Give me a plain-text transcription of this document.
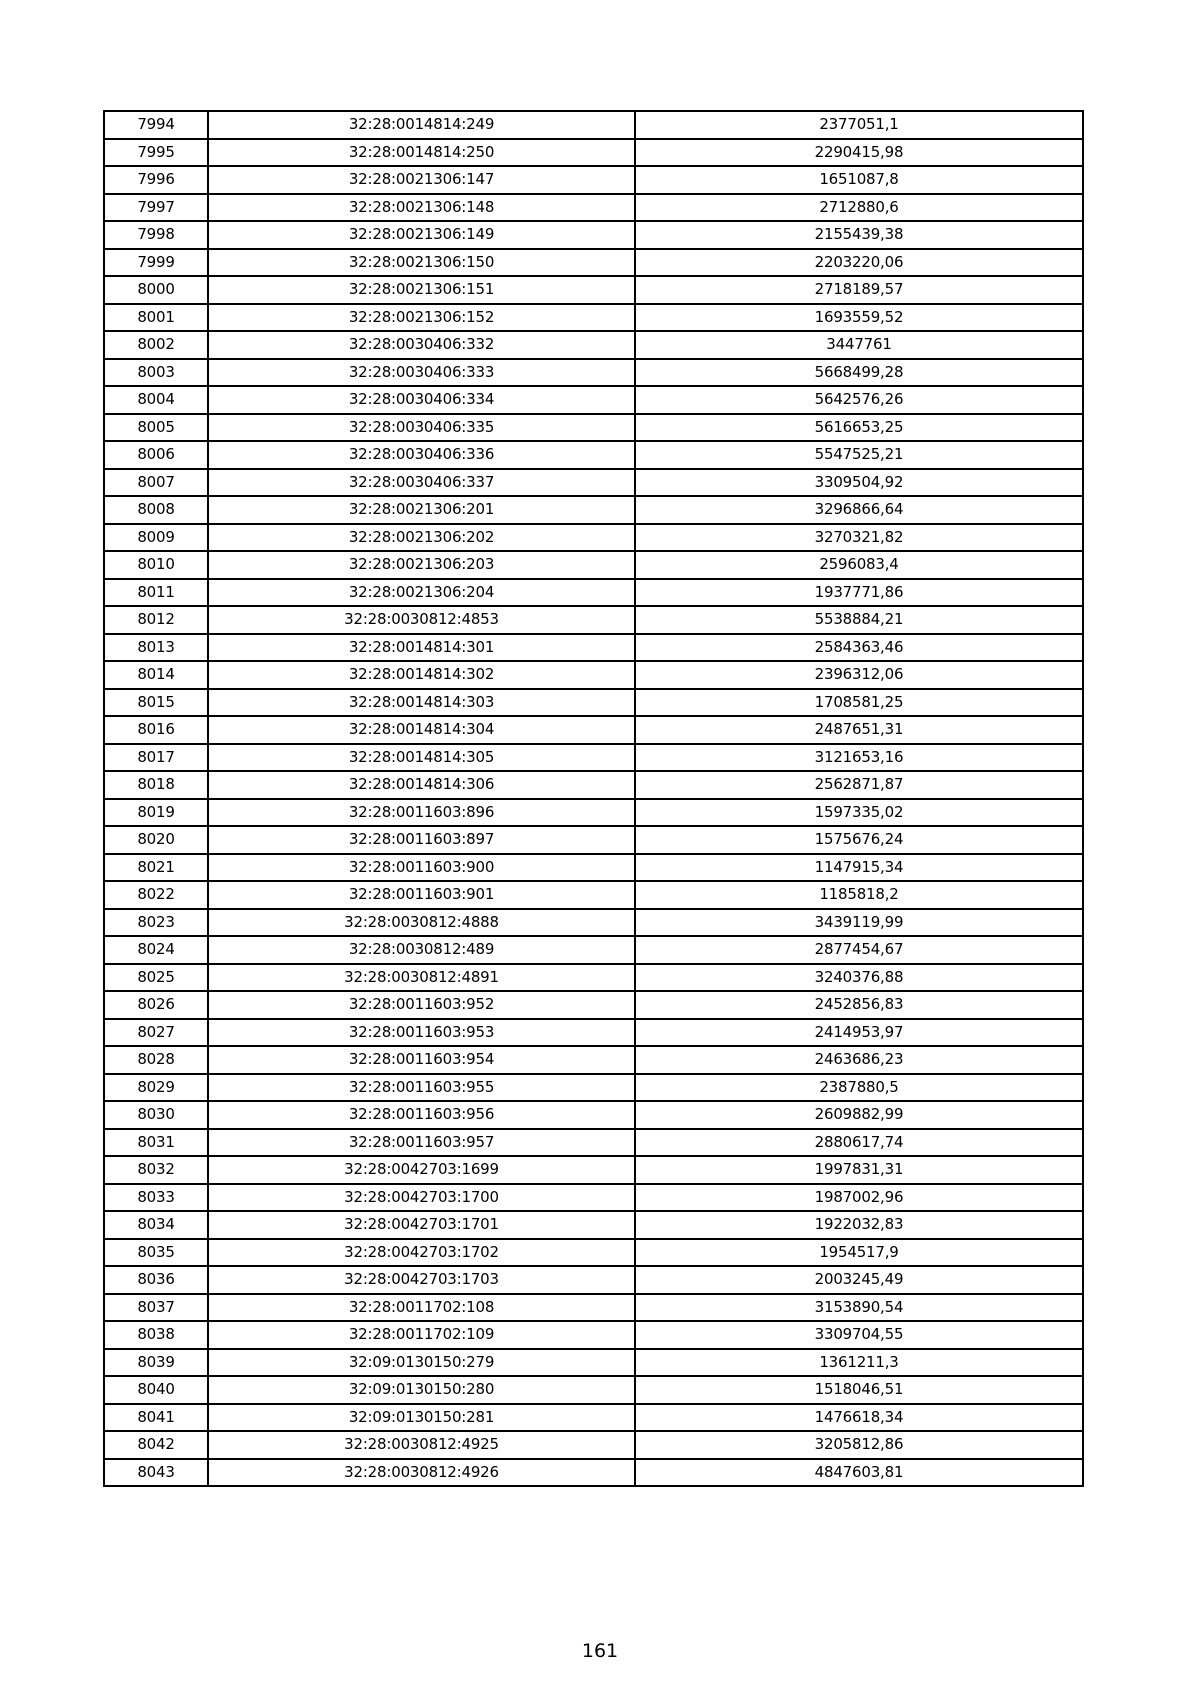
7994	32:28:0014814:249	2377051,1
7995	32:28:0014814:250	2290415,98
7996	32:28:0021306:147	1651087,8
7997	32:28:0021306:148	2712880,6
7998	32:28:0021306:149	2155439,38
7999	32:28:0021306:150	2203220,06
8000	32:28:0021306:151	2718189,57
8001	32:28:0021306:152	1693559,52
8002	32:28:0030406:332	3447761
8003	32:28:0030406:333	5668499,28
8004	32:28:0030406:334	5642576,26
8005	32:28:0030406:335	5616653,25
8006	32:28:0030406:336	5547525,21
8007	32:28:0030406:337	3309504,92
8008	32:28:0021306:201	3296866,64
8009	32:28:0021306:202	3270321,82
8010	32:28:0021306:203	2596083,4
8011	32:28:0021306:204	1937771,86
8012	32:28:0030812:4853	5538884,21
8013	32:28:0014814:301	2584363,46
8014	32:28:0014814:302	2396312,06
8015	32:28:0014814:303	1708581,25
8016	32:28:0014814:304	2487651,31
8017	32:28:0014814:305	3121653,16
8018	32:28:0014814:306	2562871,87
8019	32:28:0011603:896	1597335,02
8020	32:28:0011603:897	1575676,24
8021	32:28:0011603:900	1147915,34
8022	32:28:0011603:901	1185818,2
8023	32:28:0030812:4888	3439119,99
8024	32:28:0030812:489	2877454,67
8025	32:28:0030812:4891	3240376,88
8026	32:28:0011603:952	2452856,83
8027	32:28:0011603:953	2414953,97
8028	32:28:0011603:954	2463686,23
8029	32:28:0011603:955	2387880,5
8030	32:28:0011603:956	2609882,99
8031	32:28:0011603:957	2880617,74
8032	32:28:0042703:1699	1997831,31
8033	32:28:0042703:1700	1987002,96
8034	32:28:0042703:1701	1922032,83
8035	32:28:0042703:1702	1954517,9
8036	32:28:0042703:1703	2003245,49
8037	32:28:0011702:108	3153890,54
8038	32:28:0011702:109	3309704,55
8039	32:09:0130150:279	1361211,3
8040	32:09:0130150:280	1518046,51
8041	32:09:0130150:281	1476618,34
8042	32:28:0030812:4925	3205812,86
8043	32:28:0030812:4926	4847603,81
161
